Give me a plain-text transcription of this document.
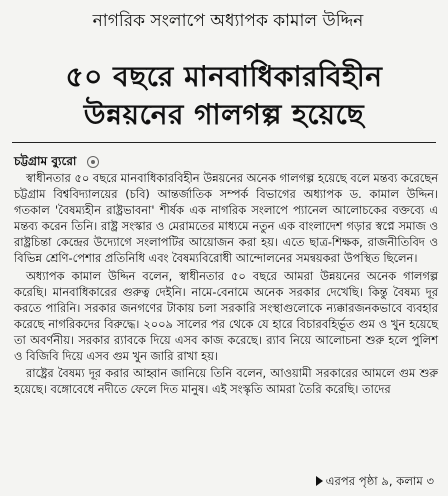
নাগরিক সংলাপে অধ্যাপক কামাল উদ্দিন
৫০ বছরে মানবাধিকারবিহীন
উন্নয়নের গালগল্প হয়েছে
চট্টগ্রাম ব্যুরো

স্বাধীনতার ৫০ বছরে মানবাধিকারবিহীন উন্নয়নের অনেক গালগল্প হয়েছে বলে মন্তব্য করেছেন চট্টগ্রাম বিশ্ববিদ্যালয়ের (চবি) আন্তর্জাতিক সম্পর্ক বিভাগের অধ্যাপক ড. কামাল উদ্দিন। গতকাল 'বৈষম্যহীন রাষ্ট্রভাবনা' শীর্ষক এক নাগরিক সংলাপে প্যানেল আলোচকের বক্তব্যে এ মন্তব্য করেন তিনি। রাষ্ট্র সংস্কার ও মেরামতের মাধ্যমে নতুন এক বাংলাদেশ গড়ার স্বপ্নে সমাজ ও রাষ্ট্রচিন্তা কেন্দ্রের উদ্যোগে সংলাপটির আয়োজন করা হয়। এতে ছাত্র-শিক্ষক, রাজনীতিবিদ ও বিভিন্ন শ্রেণি-পেশার প্রতিনিধি এবং বৈষম্যবিরোধী আন্দোলনের সমন্বয়করা উপস্থিত ছিলেন।

অধ্যাপক কামাল উদ্দিন বলেন, স্বাধীনতার ৫০ বছরে আমরা উন্নয়নের অনেক গালগল্প করেছি। মানবাধিকারের গুরুত্ব দেইনি। নামে-বেনামে অনেক সরকার দেখেছি। কিন্তু বৈষম্য দূর করতে পারিনি। সরকার জনগণের টাকায় চলা সরকারি সংস্থাগুলোকে ন্যক্কারজনকভাবে ব্যবহার করেছে নাগরিকদের বিরুদ্ধে। ২০০৯ সালের পর থেকে যে হারে বিচারবহির্ভূত গুম ও খুন হয়েছে তা অবর্ণনীয়। সরকার র‍্যাবকে দিয়ে এসব কাজ করেছে। র‍্যাব নিয়ে আলোচনা শুরু হলে পুলিশ ও বিজিবি দিয়ে এসব গুম খুন জারি রাখা হয়।

রাষ্ট্রের বৈষম্য দূর করার আহ্বান জানিয়ে তিনি বলেন, আওয়ামী সরকারের আমলে গুম শুরু হয়েছে। বঙ্গোবেধে নদীতে ফেলে দিত মানুষ। এই সংস্কৃতি আমরা তৈরি করেছি। তাদের

এরপর পৃষ্ঠা ৯, কলাম ৩
